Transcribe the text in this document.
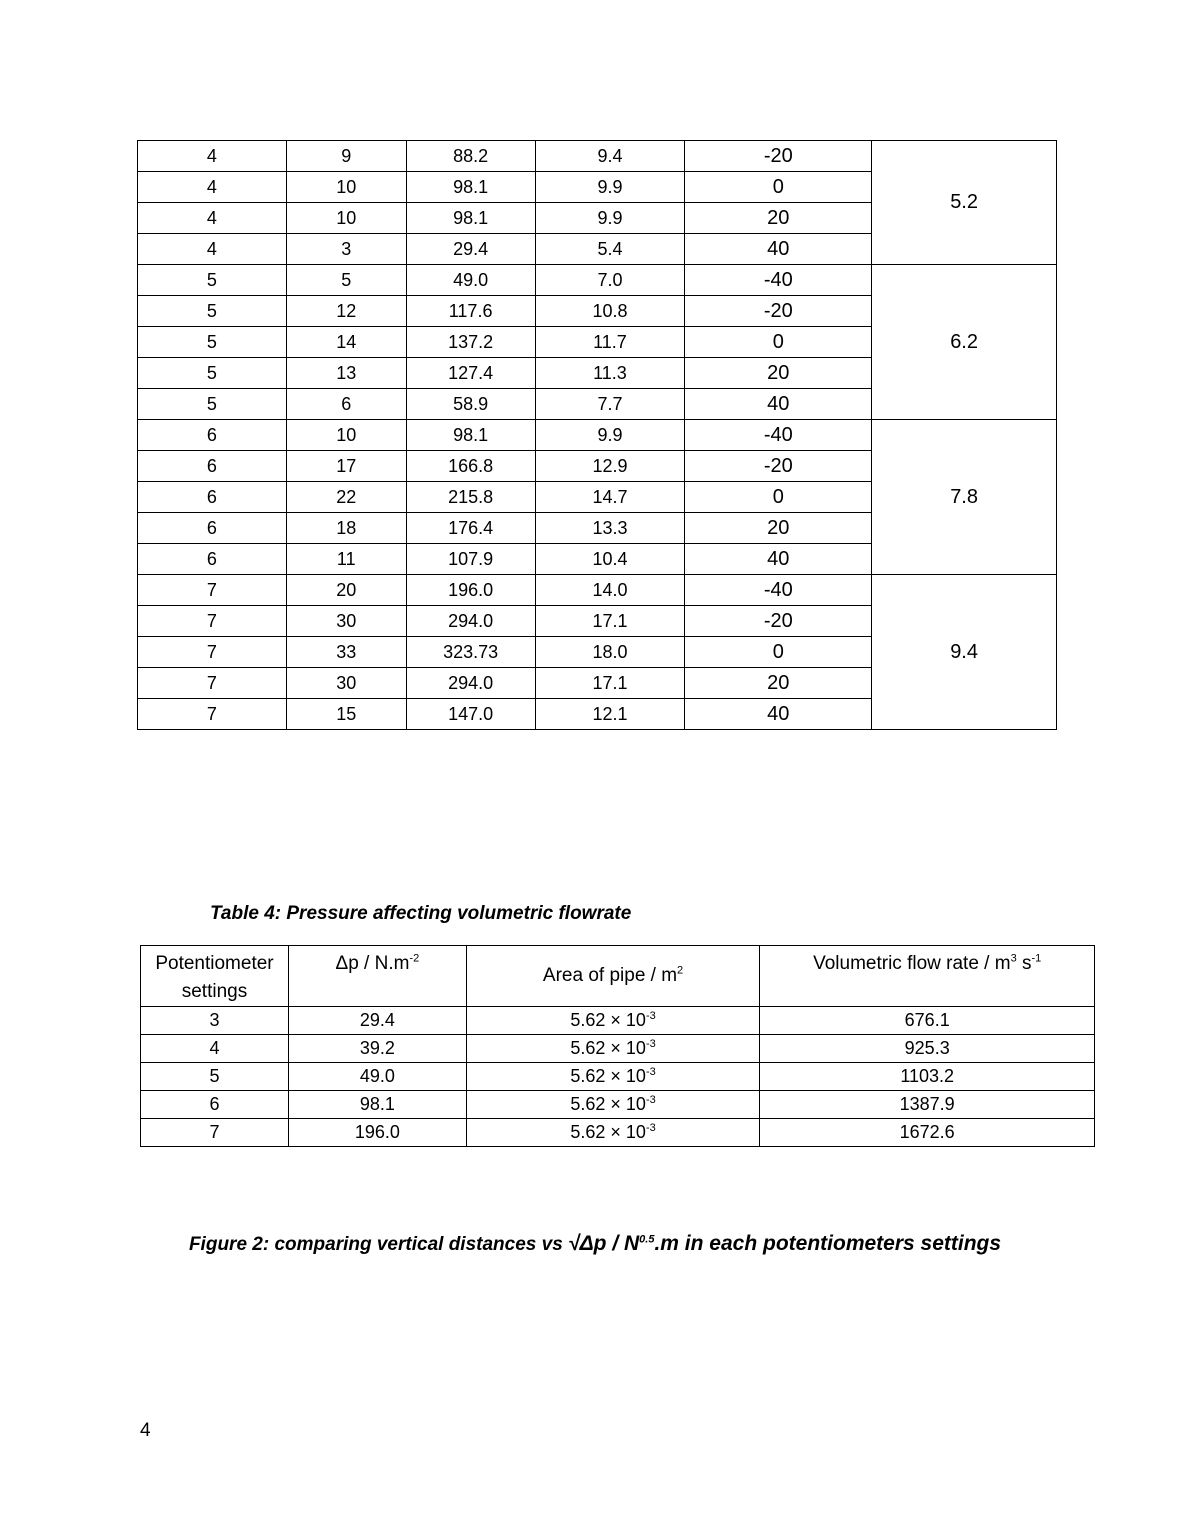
4	9	88.2	9.4	-20	5.2
4	10	98.1	9.9	0	
4	10	98.1	9.9	20	
4	3	29.4	5.4	40	
5	5	49.0	7.0	-40	6.2
5	12	117.6	10.8	-20	
5	14	137.2	11.7	0	
5	13	127.4	11.3	20	
5	6	58.9	7.7	40	
6	10	98.1	9.9	-40	7.8
6	17	166.8	12.9	-20	
6	22	215.8	14.7	0	
6	18	176.4	13.3	20	
6	11	107.9	10.4	40	
7	20	196.0	14.0	-40	9.4
7	30	294.0	17.1	-20	
7	33	323.73	18.0	0	
7	30	294.0	17.1	20	
7	15	147.0	12.1	40	
Table 4: Pressure affecting volumetric flowrate
Potentiometer settings	Δp / $N.m^{-2}$	Area of pipe / $m^2$	Volumetric flow rate / $m^3$ $s^{-1}$
3	29.4	$5.62 \times 10^{-3}$	676.1
4	39.2	$5.62 \times 10^{-3}$	925.3
5	49.0	$5.62 \times 10^{-3}$	1103.2
6	98.1	$5.62 \times 10^{-3}$	1387.9
7	196.0	$5.62 \times 10^{-3}$	1672.6
Figure 2: comparing vertical distances vs $√\Delta p / N^{0.5}.m$ in each potentiometers settings
4
